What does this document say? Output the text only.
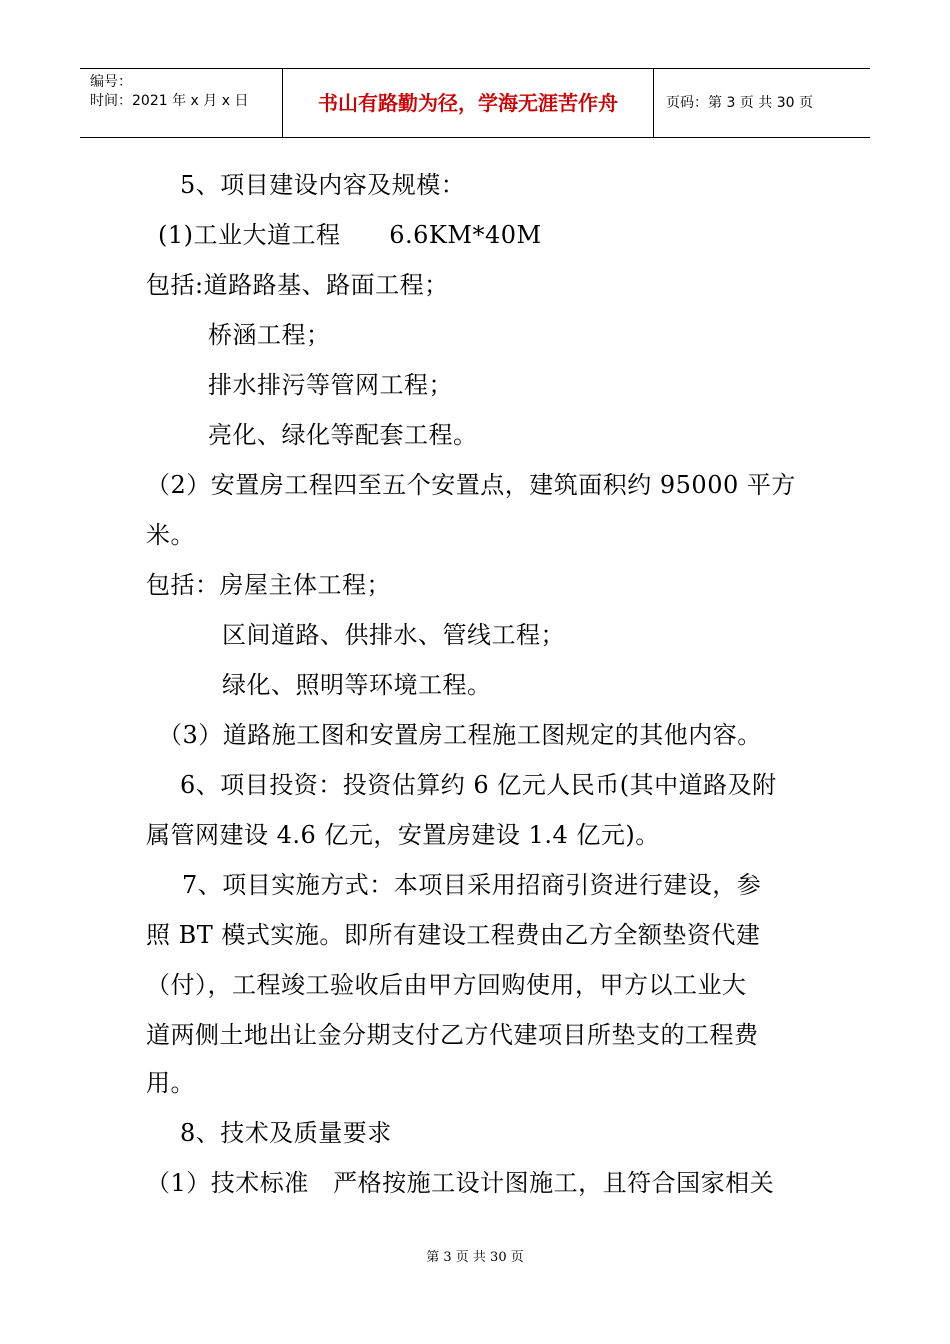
编号：
时间：2021 年 x 月 x 日	书山有路勤为径，学海无涯苦作舟	页码：第 3 页 共 30 页
5、项目建设内容及规模：
(1)工业大道工程      6.6KM*40M
包括:道路路基、路面工程；
桥涵工程；
排水排污等管网工程；
亮化、绿化等配套工程。
（2）安置房工程四至五个安置点，建筑面积约 95000 平方
米。
包括：房屋主体工程；
区间道路、供排水、管线工程；
绿化、照明等环境工程。
（3）道路施工图和安置房工程施工图规定的其他内容。
6、项目投资：投资估算约 6 亿元人民币(其中道路及附
属管网建设 4.6 亿元，安置房建设 1.4 亿元)。
7、项目实施方式：本项目采用招商引资进行建设，参
照 BT 模式实施。即所有建设工程费由乙方全额垫资代建
（付），工程竣工验收后由甲方回购使用，甲方以工业大
道两侧土地出让金分期支付乙方代建项目所垫支的工程费
用。
8、技术及质量要求
（1）技术标准   严格按施工设计图施工，且符合国家相关
第 3 页 共 30 页
